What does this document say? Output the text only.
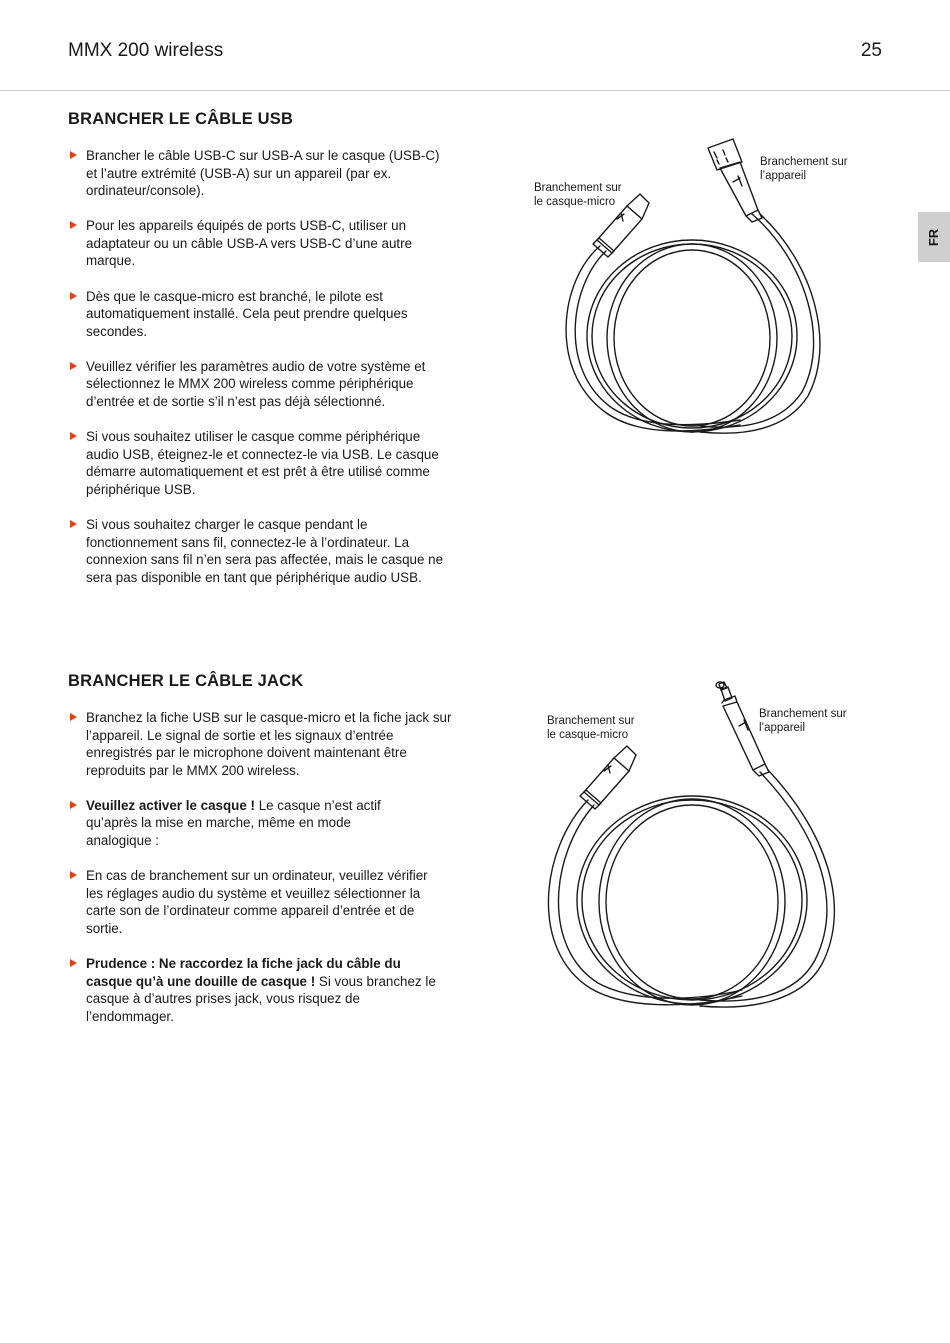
MMX 200 wireless	25
FR
BRANCHER LE CÂBLE USB
Brancher le câble USB-C sur USB-A sur le casque (USB-C) et l’autre extrémité (USB-A) sur un appareil (par ex. ordinateur/console).
Pour les appareils équipés de ports USB-C, utiliser un adaptateur ou un câble USB-A vers USB-C d’une autre marque.
Dès que le casque-micro est branché, le pilote est automatiquement installé. Cela peut prendre quelques secondes.
Veuillez vérifier les paramètres audio de votre système et sélectionnez le MMX 200 wireless comme périphérique d’entrée et de sortie s’il n’est pas déjà sélectionné.
Si vous souhaitez utiliser le casque comme périphérique audio USB, éteignez-le et connectez-le via USB. Le casque démarre automatiquement et est prêt à être utilisé comme périphérique USB.
Si vous souhaitez charger le casque pendant le fonctionnement sans fil, connectez-le à l’ordinateur. La connexion sans fil n’en sera pas affectée, mais le casque ne sera pas disponible en tant que périphérique audio USB.
Branchement sur le casque-micro
Branchement sur l’appareil
BRANCHER LE CÂBLE JACK
Branchez la fiche USB sur le casque-micro et la fiche jack sur l’appareil. Le signal de sortie et les signaux d’entrée enregistrés par le microphone doivent maintenant être reproduits par le MMX 200 wireless.
Veuillez activer le casque ! Le casque n’est actif qu’après la mise en marche, même en mode analogique :
En cas de branchement sur un ordinateur, veuillez vérifier les réglages audio du système et veuillez sélectionner la carte son de l’ordinateur comme appareil d’entrée et de sortie.
Prudence : Ne raccordez la fiche jack du câble du casque qu’à une douille de casque ! Si vous branchez le casque à d’autres prises jack, vous risquez de l’endommager.
Branchement sur le casque-micro
Branchement sur l’appareil
